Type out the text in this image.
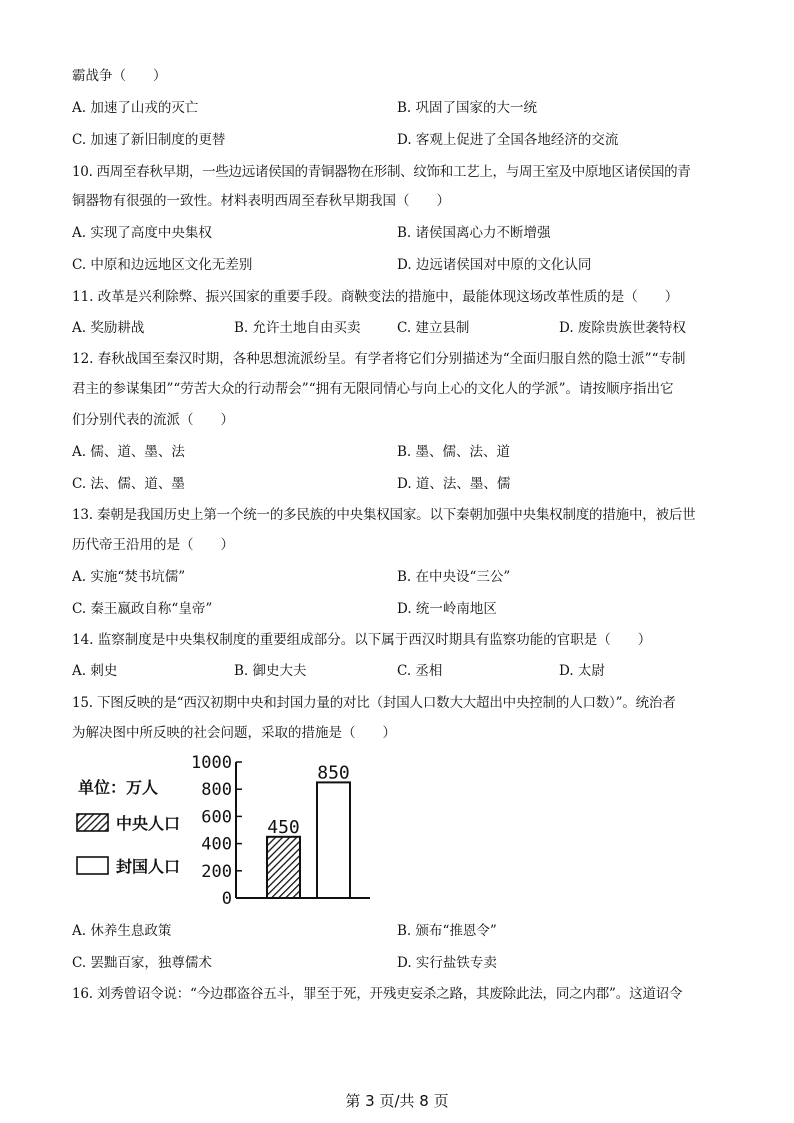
霸战争（　　）
A. 加速了山戎的灭亡	B. 巩固了国家的大一统
C. 加速了新旧制度的更替	D. 客观上促进了全国各地经济的交流
10. 西周至春秋早期，一些边远诸侯国的青铜器物在形制、纹饰和工艺上，与周王室及中原地区诸侯国的青
铜器物有很强的一致性。材料表明西周至春秋早期我国（　　）
A. 实现了高度中央集权	B. 诸侯国离心力不断增强
C. 中原和边远地区文化无差别	D. 边远诸侯国对中原的文化认同
11. 改革是兴利除弊、振兴国家的重要手段。商鞅变法的措施中，最能体现这场改革性质的是（　　）
A. 奖励耕战	B. 允许土地自由买卖	C. 建立县制	D. 废除贵族世袭特权
12. 春秋战国至秦汉时期，各种思想流派纷呈。有学者将它们分别描述为“全面归服自然的隐士派”“专制
君主的参谋集团”“劳苦大众的行动帮会”“拥有无限同情心与向上心的文化人的学派”。请按顺序指出它
们分别代表的流派（　　）
A. 儒、道、墨、法	B. 墨、儒、法、道
C. 法、儒、道、墨	D. 道、法、墨、儒
13. 秦朝是我国历史上第一个统一的多民族的中央集权国家。以下秦朝加强中央集权制度的措施中，被后世
历代帝王沿用的是（　　）
A. 实施“焚书坑儒”	B. 在中央设“三公”
C. 秦王嬴政自称“皇帝”	D. 统一岭南地区
14. 监察制度是中央集权制度的重要组成部分。以下属于西汉时期具有监察功能的官职是（　　）
A. 刺史	B. 御史大夫	C. 丞相	D. 太尉
15. 下图反映的是“西汉初期中央和封国力量的对比（封国人口数大大超出中央控制的人口数）”。统治者
为解决图中所反映的社会问题，采取的措施是（　　）
1000
800
600
400
200
0
450
850
单位：万人
中央人口
封国人口
A. 休养生息政策	B. 颁布“推恩令”
C. 罢黜百家，独尊儒术	D. 实行盐铁专卖
16. 刘秀曾诏令说：“今边郡盗谷五斗，罪至于死，开残吏妄杀之路，其废除此法，同之内郡”。这道诏令
第 3 页/共 8 页
